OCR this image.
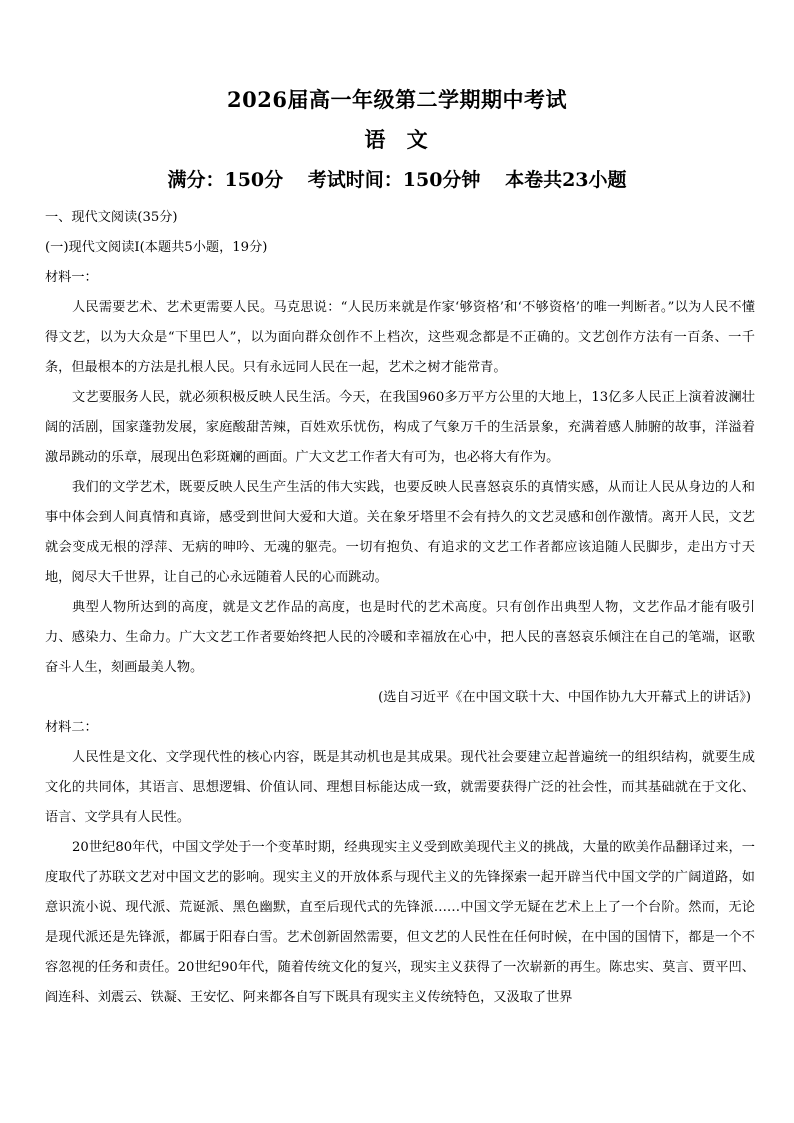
2026届高一年级第二学期期中考试
语 文
满分：150分 考试时间：150分钟 本卷共23小题
一、现代文阅读(35分)
(一)现代文阅读I(本题共5小题，19分)
材料一：

人民需要艺术、艺术更需要人民。马克思说：“人民历来就是作家‘够资格’和‘不够资格’的唯一判断者。”以为人民不懂得文艺，以为大众是“下里巴人”，以为面向群众创作不上档次，这些观念都是不正确的。文艺创作方法有一百条、一千条，但最根本的方法是扎根人民。只有永远同人民在一起，艺术之树才能常青。

文艺要服务人民，就必须积极反映人民生活。今天，在我国960多万平方公里的大地上，13亿多人民正上演着波澜壮阔的活剧，国家蓬勃发展，家庭酸甜苦辣，百姓欢乐忧伤，构成了气象万千的生活景象，充满着感人肺腑的故事，洋溢着激昂跳动的乐章，展现出色彩斑斓的画面。广大文艺工作者大有可为，也必将大有作为。

我们的文学艺术，既要反映人民生产生活的伟大实践，也要反映人民喜怒哀乐的真情实感，从而让人民从身边的人和事中体会到人间真情和真谛，感受到世间大爱和大道。关在象牙塔里不会有持久的文艺灵感和创作激情。离开人民，文艺就会变成无根的浮萍、无病的呻吟、无魂的躯壳。一切有抱负、有追求的文艺工作者都应该追随人民脚步，走出方寸天地，阅尽大千世界，让自己的心永远随着人民的心而跳动。

典型人物所达到的高度，就是文艺作品的高度，也是时代的艺术高度。只有创作出典型人物，文艺作品才能有吸引力、感染力、生命力。广大文艺工作者要始终把人民的冷暖和幸福放在心中，把人民的喜怒哀乐倾注在自己的笔端，讴歌奋斗人生，刻画最美人物。

(选自习近平《在中国文联十大、中国作协九大开幕式上的讲话》)
材料二：

人民性是文化、文学现代性的核心内容，既是其动机也是其成果。现代社会要建立起普遍统一的组织结构，就要生成文化的共同体，其语言、思想逻辑、价值认同、理想目标能达成一致，就需要获得广泛的社会性，而其基础就在于文化、语言、文学具有人民性。

20世纪80年代，中国文学处于一个变革时期，经典现实主义受到欧美现代主义的挑战，大量的欧美作品翻译过来，一度取代了苏联文艺对中国文艺的影响。现实主义的开放体系与现代主义的先锋探索一起开辟当代中国文学的广阔道路，如意识流小说、现代派、荒诞派、黑色幽默，直至后现代式的先锋派……中国文学无疑在艺术上上了一个台阶。然而，无论是现代派还是先锋派，都属于阳春白雪。艺术创新固然需要，但文艺的人民性在任何时候，在中国的国情下，都是一个不容忽视的任务和责任。20世纪90年代，随着传统文化的复兴，现实主义获得了一次崭新的再生。陈忠实、莫言、贾平凹、阎连科、刘震云、铁凝、王安忆、阿来都各自写下既具有现实主义传统特色，又汲取了世界
